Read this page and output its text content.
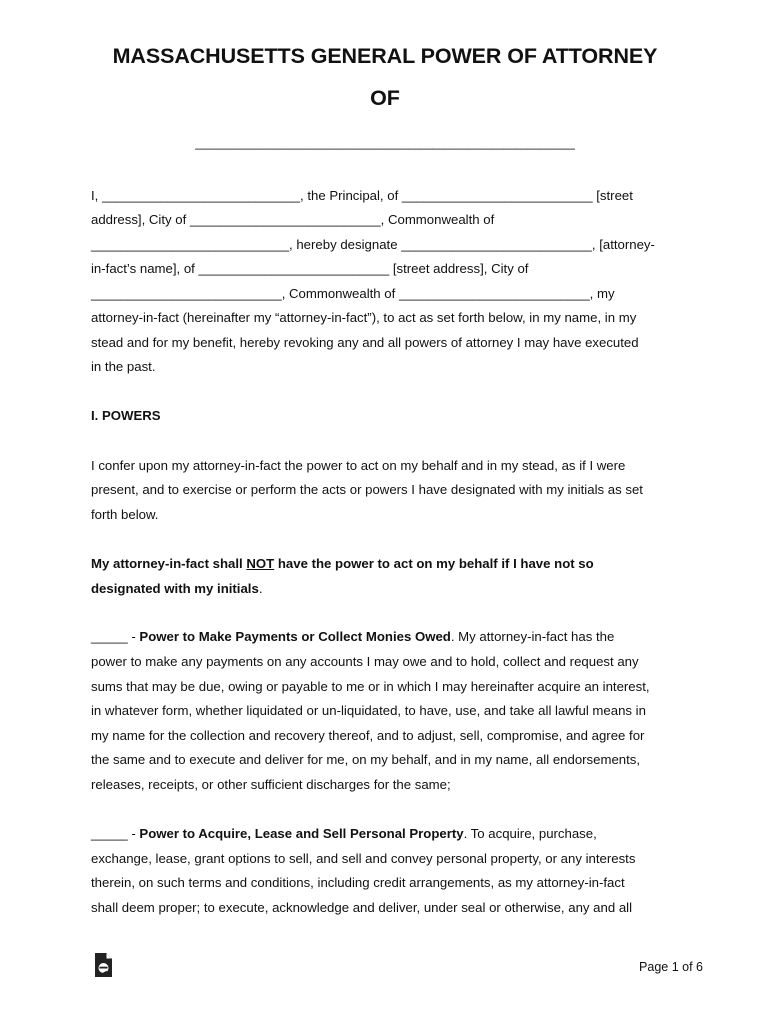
MASSACHUSETTS GENERAL POWER OF ATTORNEY
OF
________________________________
I, ___________________________, the Principal, of __________________________ [street
address], City of __________________________, Commonwealth of
___________________________, hereby designate __________________________, [attorney-
in-fact’s name], of __________________________ [street address], City of
__________________________, Commonwealth of __________________________, my
attorney-in-fact (hereinafter my “attorney-in-fact”), to act as set forth below, in my name, in my
stead and for my benefit, hereby revoking any and all powers of attorney I may have executed
in the past.
I. POWERS
I confer upon my attorney-in-fact the power to act on my behalf and in my stead, as if I were
present, and to exercise or perform the acts or powers I have designated with my initials as set
forth below.
My attorney-in-fact shall NOT have the power to act on my behalf if I have not so
designated with my initials.
_____ - Power to Make Payments or Collect Monies Owed. My attorney-in-fact has the
power to make any payments on any accounts I may owe and to hold, collect and request any
sums that may be due, owing or payable to me or in which I may hereinafter acquire an interest,
in whatever form, whether liquidated or un-liquidated, to have, use, and take all lawful means in
my name for the collection and recovery thereof, and to adjust, sell, compromise, and agree for
the same and to execute and deliver for me, on my behalf, and in my name, all endorsements,
releases, receipts, or other sufficient discharges for the same;
_____ - Power to Acquire, Lease and Sell Personal Property. To acquire, purchase,
exchange, lease, grant options to sell, and sell and convey personal property, or any interests
therein, on such terms and conditions, including credit arrangements, as my attorney-in-fact
shall deem proper; to execute, acknowledge and deliver, under seal or otherwise, any and all
Page 1 of 6
